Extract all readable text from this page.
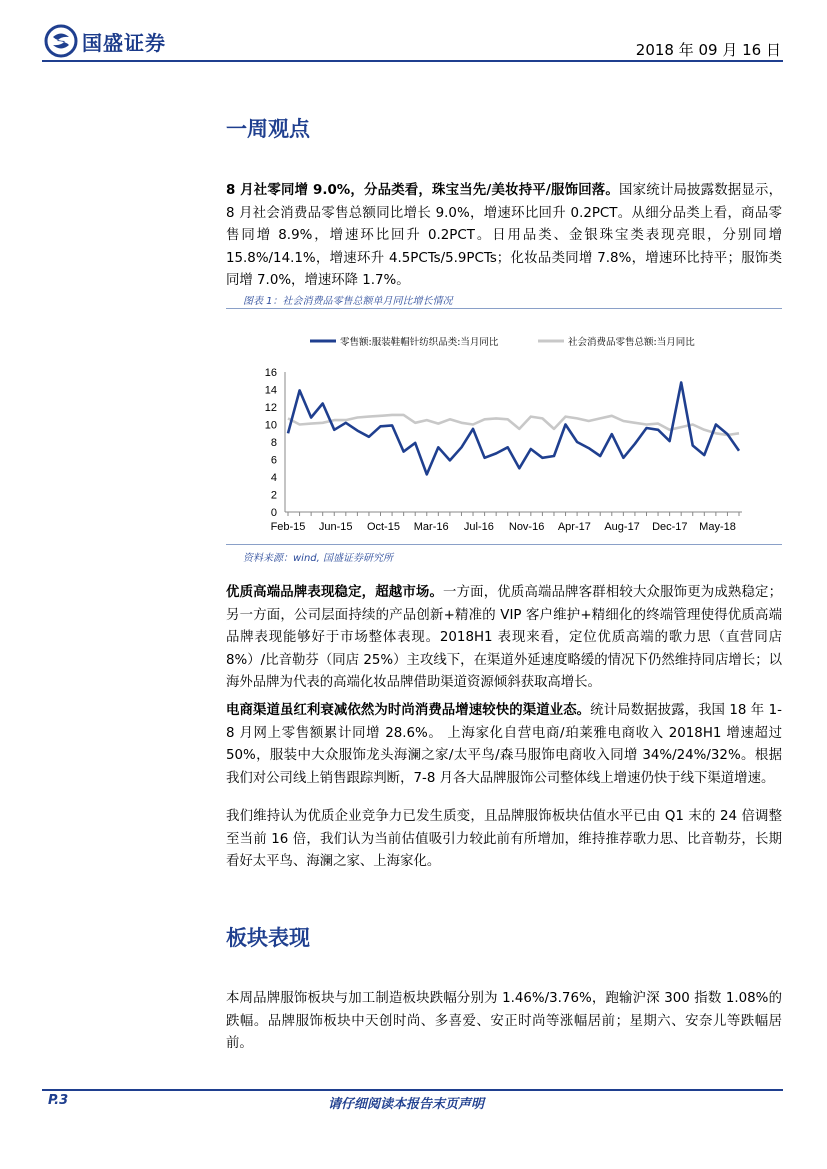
国盛证券	2018 年 09 月 16 日
一周观点
8 月社零同增 9.0%，分品类看，珠宝当先/美妆持平/服饰回落。国家统计局披露数据显示，8 月社会消费品零售总额同比增长 9.0%，增速环比回升 0.2PCT。从细分品类上看，商品零售同增 8.9%，增速环比回升 0.2PCT。日用品类、金银珠宝类表现亮眼，分别同增 15.8%/14.1%，增速环升 4.5PCTs/5.9PCTs；化妆品类同增 7.8%，增速环比持平；服饰类同增 7.0%，增速环降 1.7%。
图表 1：社会消费品零售总额单月同比增长情况
零售额:服装鞋帽针纺织品类:当月同比	社会消费品零售总额:当月同比
0
2
4
6
8
10
12
14
16
Feb-15 Jun-15 Oct-15 Mar-16 Jul-16 Nov-16 Apr-17 Aug-17 Dec-17 May-18
资料来源：wind, 国盛证券研究所
优质高端品牌表现稳定，超越市场。一方面，优质高端品牌客群相较大众服饰更为成熟稳定；另一方面，公司层面持续的产品创新+精准的 VIP 客户维护+精细化的终端管理使得优质高端品牌表现能够好于市场整体表现。2018H1 表现来看，定位优质高端的歌力思（直营同店 8%）/比音勒芬（同店 25%）主攻线下，在渠道外延速度略缓的情况下仍然维持同店增长；以海外品牌为代表的高端化妆品牌借助渠道资源倾斜获取高增长。
电商渠道虽红利衰减依然为时尚消费品增速较快的渠道业态。统计局数据披露，我国 18 年 1-8 月网上零售额累计同增 28.6%。 上海家化自营电商/珀莱雅电商收入 2018H1 增速超过 50%，服装中大众服饰龙头海澜之家/太平鸟/森马服饰电商收入同增 34%/24%/32%。根据我们对公司线上销售跟踪判断，7-8 月各大品牌服饰公司整体线上增速仍快于线下渠道增速。
我们维持认为优质企业竞争力已发生质变，且品牌服饰板块估值水平已由 Q1 末的 24 倍调整至当前 16 倍，我们认为当前估值吸引力较此前有所增加，维持推荐歌力思、比音勒芬，长期看好太平鸟、海澜之家、上海家化。
板块表现
本周品牌服饰板块与加工制造板块跌幅分别为 1.46%/3.76%，跑输沪深 300 指数 1.08%的跌幅。品牌服饰板块中天创时尚、多喜爱、安正时尚等涨幅居前；星期六、安奈儿等跌幅居前。
P.3	请仔细阅读本报告末页声明
